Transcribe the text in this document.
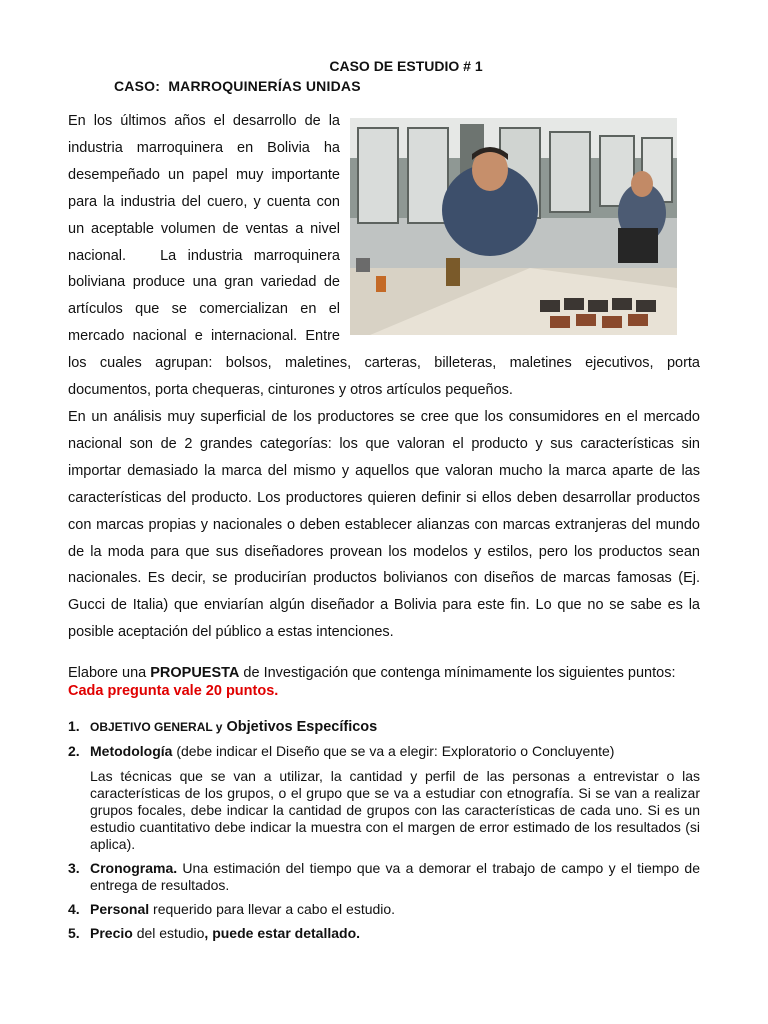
CASO DE ESTUDIO # 1
CASO: MARROQUINERÍAS UNIDAS
En los últimos años el desarrollo de la
industria marroquinera en Bolivia ha
desempeñado un papel muy importante
para la industria del cuero, y cuenta con
un aceptable volumen de ventas a nivel
nacional.   La industria marroquinera
boliviana produce una gran variedad de
artículos que se comercializan en el
mercado nacional e internacional. Entre
los cuales agrupan: bolsos, maletines, carteras, billeteras, maletines ejecutivos, porta
documentos, porta chequeras, cinturones y otros artículos pequeños.

En un análisis muy superficial de los productores se cree que los consumidores en el mercado nacional son de 2 grandes categorías: los que valoran el producto y sus características sin importar demasiado la marca del mismo y aquellos que valoran mucho la marca aparte de las características del producto. Los productores quieren definir si ellos deben desarrollar productos con marcas propias y nacionales o deben establecer alianzas con marcas extranjeras del mundo de la moda para que sus diseñadores provean los modelos y estilos, pero los productos sean nacionales. Es decir, se producirían productos bolivianos con diseños de marcas famosas (Ej. Gucci de Italia) que enviarían algún diseñador a Bolivia para este fin. Lo que no se sabe es la posible aceptación del público a estas intenciones.

Elabore una PROPUESTA de Investigación que contenga mínimamente los siguientes puntos:
Cada pregunta vale 20 puntos.
1. OBJETIVO GENERAL y Objetivos Específicos
2. Metodología (debe indicar el Diseño que se va a elegir: Exploratorio o Concluyente)
Las técnicas que se van a utilizar, la cantidad y perfil de las personas a entrevistar o las características de los grupos, o el grupo que se va a estudiar con etnografía. Si se van a realizar grupos focales, debe indicar la cantidad de grupos con las características de cada uno. Si es un estudio cuantitativo debe indicar la muestra con el margen de error estimado de los resultados (si aplica).
3. Cronograma. Una estimación del tiempo que va a demorar el trabajo de campo y el tiempo de entrega de resultados.
4. Personal requerido para llevar a cabo el estudio.
5. Precio del estudio, puede estar detallado.
